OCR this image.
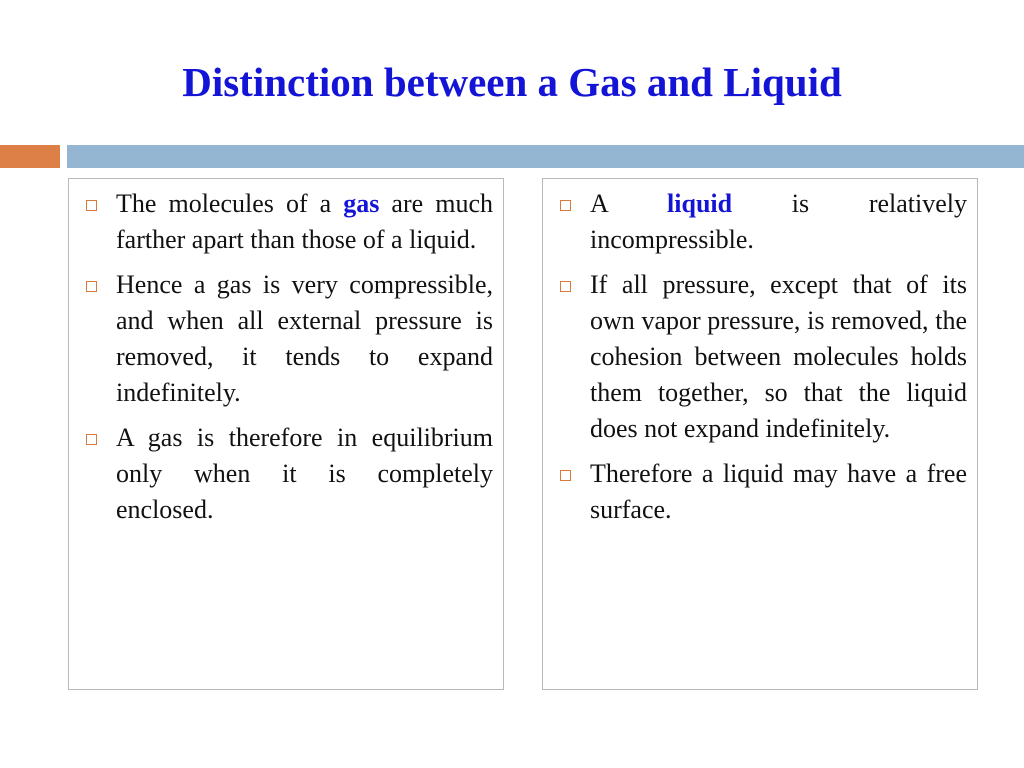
Distinction between a Gas and Liquid
The molecules of a gas are much farther apart than those of a liquid.
Hence a gas is very compressible, and when all external pressure is removed, it tends to expand indefinitely.
A gas is therefore in equilibrium only when it is completely enclosed.
A liquid is relatively incompressible.
If all pressure, except that of its own vapor pressure, is removed, the cohesion between molecules holds them together, so that the liquid does not expand indefinitely.
Therefore a liquid may have a free surface.
